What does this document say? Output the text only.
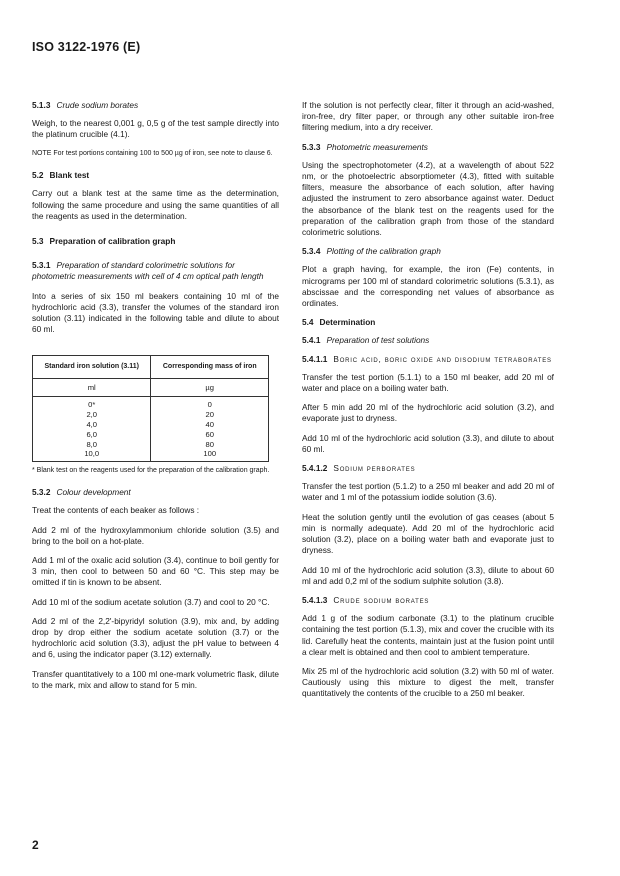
ISO 3122-1976 (E)
5.1.3 Crude sodium borates

Weigh, to the nearest 0,001 g, 0,5 g of the test sample directly into the platinum crucible (4.1).

NOTE For test portions containing 100 to 500 µg of iron, see note to clause 6.
5.2 Blank test

Carry out a blank test at the same time as the determination, following the same procedure and using the same quantities of all the reagents as used in the determination.

5.3 Preparation of calibration graph

5.3.1 Preparation of standard colorimetric solutions for photometric measurements with cell of 4 cm optical path length

Into a series of six 150 ml beakers containing 10 ml of the hydrochloric acid (3.3), transfer the volumes of the standard iron solution (3.11) indicated in the following table and dilute to about 60 ml.

Standard iron solution (3.11)	Corresponding mass of iron
ml	µg
0*	0
2,0	20
4,0	40
6,0	60
8,0	80
10,0	100
* Blank test on the reagents used for the preparation of the calibration graph.
5.3.2 Colour development

Treat the contents of each beaker as follows :

Add 2 ml of the hydroxylammonium chloride solution (3.5) and bring to the boil on a hot-plate.

Add 1 ml of the oxalic acid solution (3.4), continue to boil gently for 3 min, then cool to between 50 and 60 °C. This step may be omitted if tin is known to be absent.

Add 10 ml of the sodium acetate solution (3.7) and cool to 20 °C.

Add 2 ml of the 2,2'-bipyridyl solution (3.9), mix and, by adding drop by drop either the sodium acetate solution (3.7) or the hydrochloric acid solution (3.3), adjust the pH value to between 4 and 6, using the indicator paper (3.12) externally.

Transfer quantitatively to a 100 ml one-mark volumetric flask, dilute to the mark, mix and allow to stand for 5 min.

If the solution is not perfectly clear, filter it through an acid-washed, iron-free, dry filter paper, or through any other suitable iron-free filtering medium, into a dry receiver.

5.3.3 Photometric measurements

Using the spectrophotometer (4.2), at a wavelength of about 522 nm, or the photoelectric absorptiometer (4.3), fitted with suitable filters, measure the absorbance of each solution, after having adjusted the instrument to zero absorbance against water. Deduct the absorbance of the blank test on the reagents used for the preparation of the calibration graph from those of the standard colorimetric solutions.

5.3.4 Plotting of the calibration graph

Plot a graph having, for example, the iron (Fe) contents, in micrograms per 100 ml of standard colorimetric solutions (5.3.1), as abscissae and the corresponding net values of absorbance as ordinates.

5.4 Determination
5.4.1 Preparation of test solutions
5.4.1.1 Boric acid, boric oxide and disodium tetraborates

Transfer the test portion (5.1.1) to a 150 ml beaker, add 20 ml of water and place on a boiling water bath.

After 5 min add 20 ml of the hydrochloric acid solution (3.2), and evaporate just to dryness.

Add 10 ml of the hydrochloric acid solution (3.3), and dilute to about 60 ml.

5.4.1.2 Sodium perborates

Transfer the test portion (5.1.2) to a 250 ml beaker and add 20 ml of water and 1 ml of the potassium iodide solution (3.6).

Heat the solution gently until the evolution of gas ceases (about 5 min is normally adequate). Add 20 ml of the hydrochloric acid solution (3.2), place on a boiling water bath and evaporate just to dryness.

Add 10 ml of the hydrochloric acid solution (3.3), dilute to about 60 ml and add 0,2 ml of the sodium sulphite solution (3.8).

5.4.1.3 Crude sodium borates

Add 1 g of the sodium carbonate (3.1) to the platinum crucible containing the test portion (5.1.3), mix and cover the crucible with its lid. Carefully heat the contents, maintain just at the fusion point until a clear melt is obtained and then cool to ambient temperature.

Mix 25 ml of the hydrochloric acid solution (3.2) with 50 ml of water. Cautiously using this mixture to digest the melt, transfer quantitatively the contents of the crucible to a 250 ml beaker.

2
